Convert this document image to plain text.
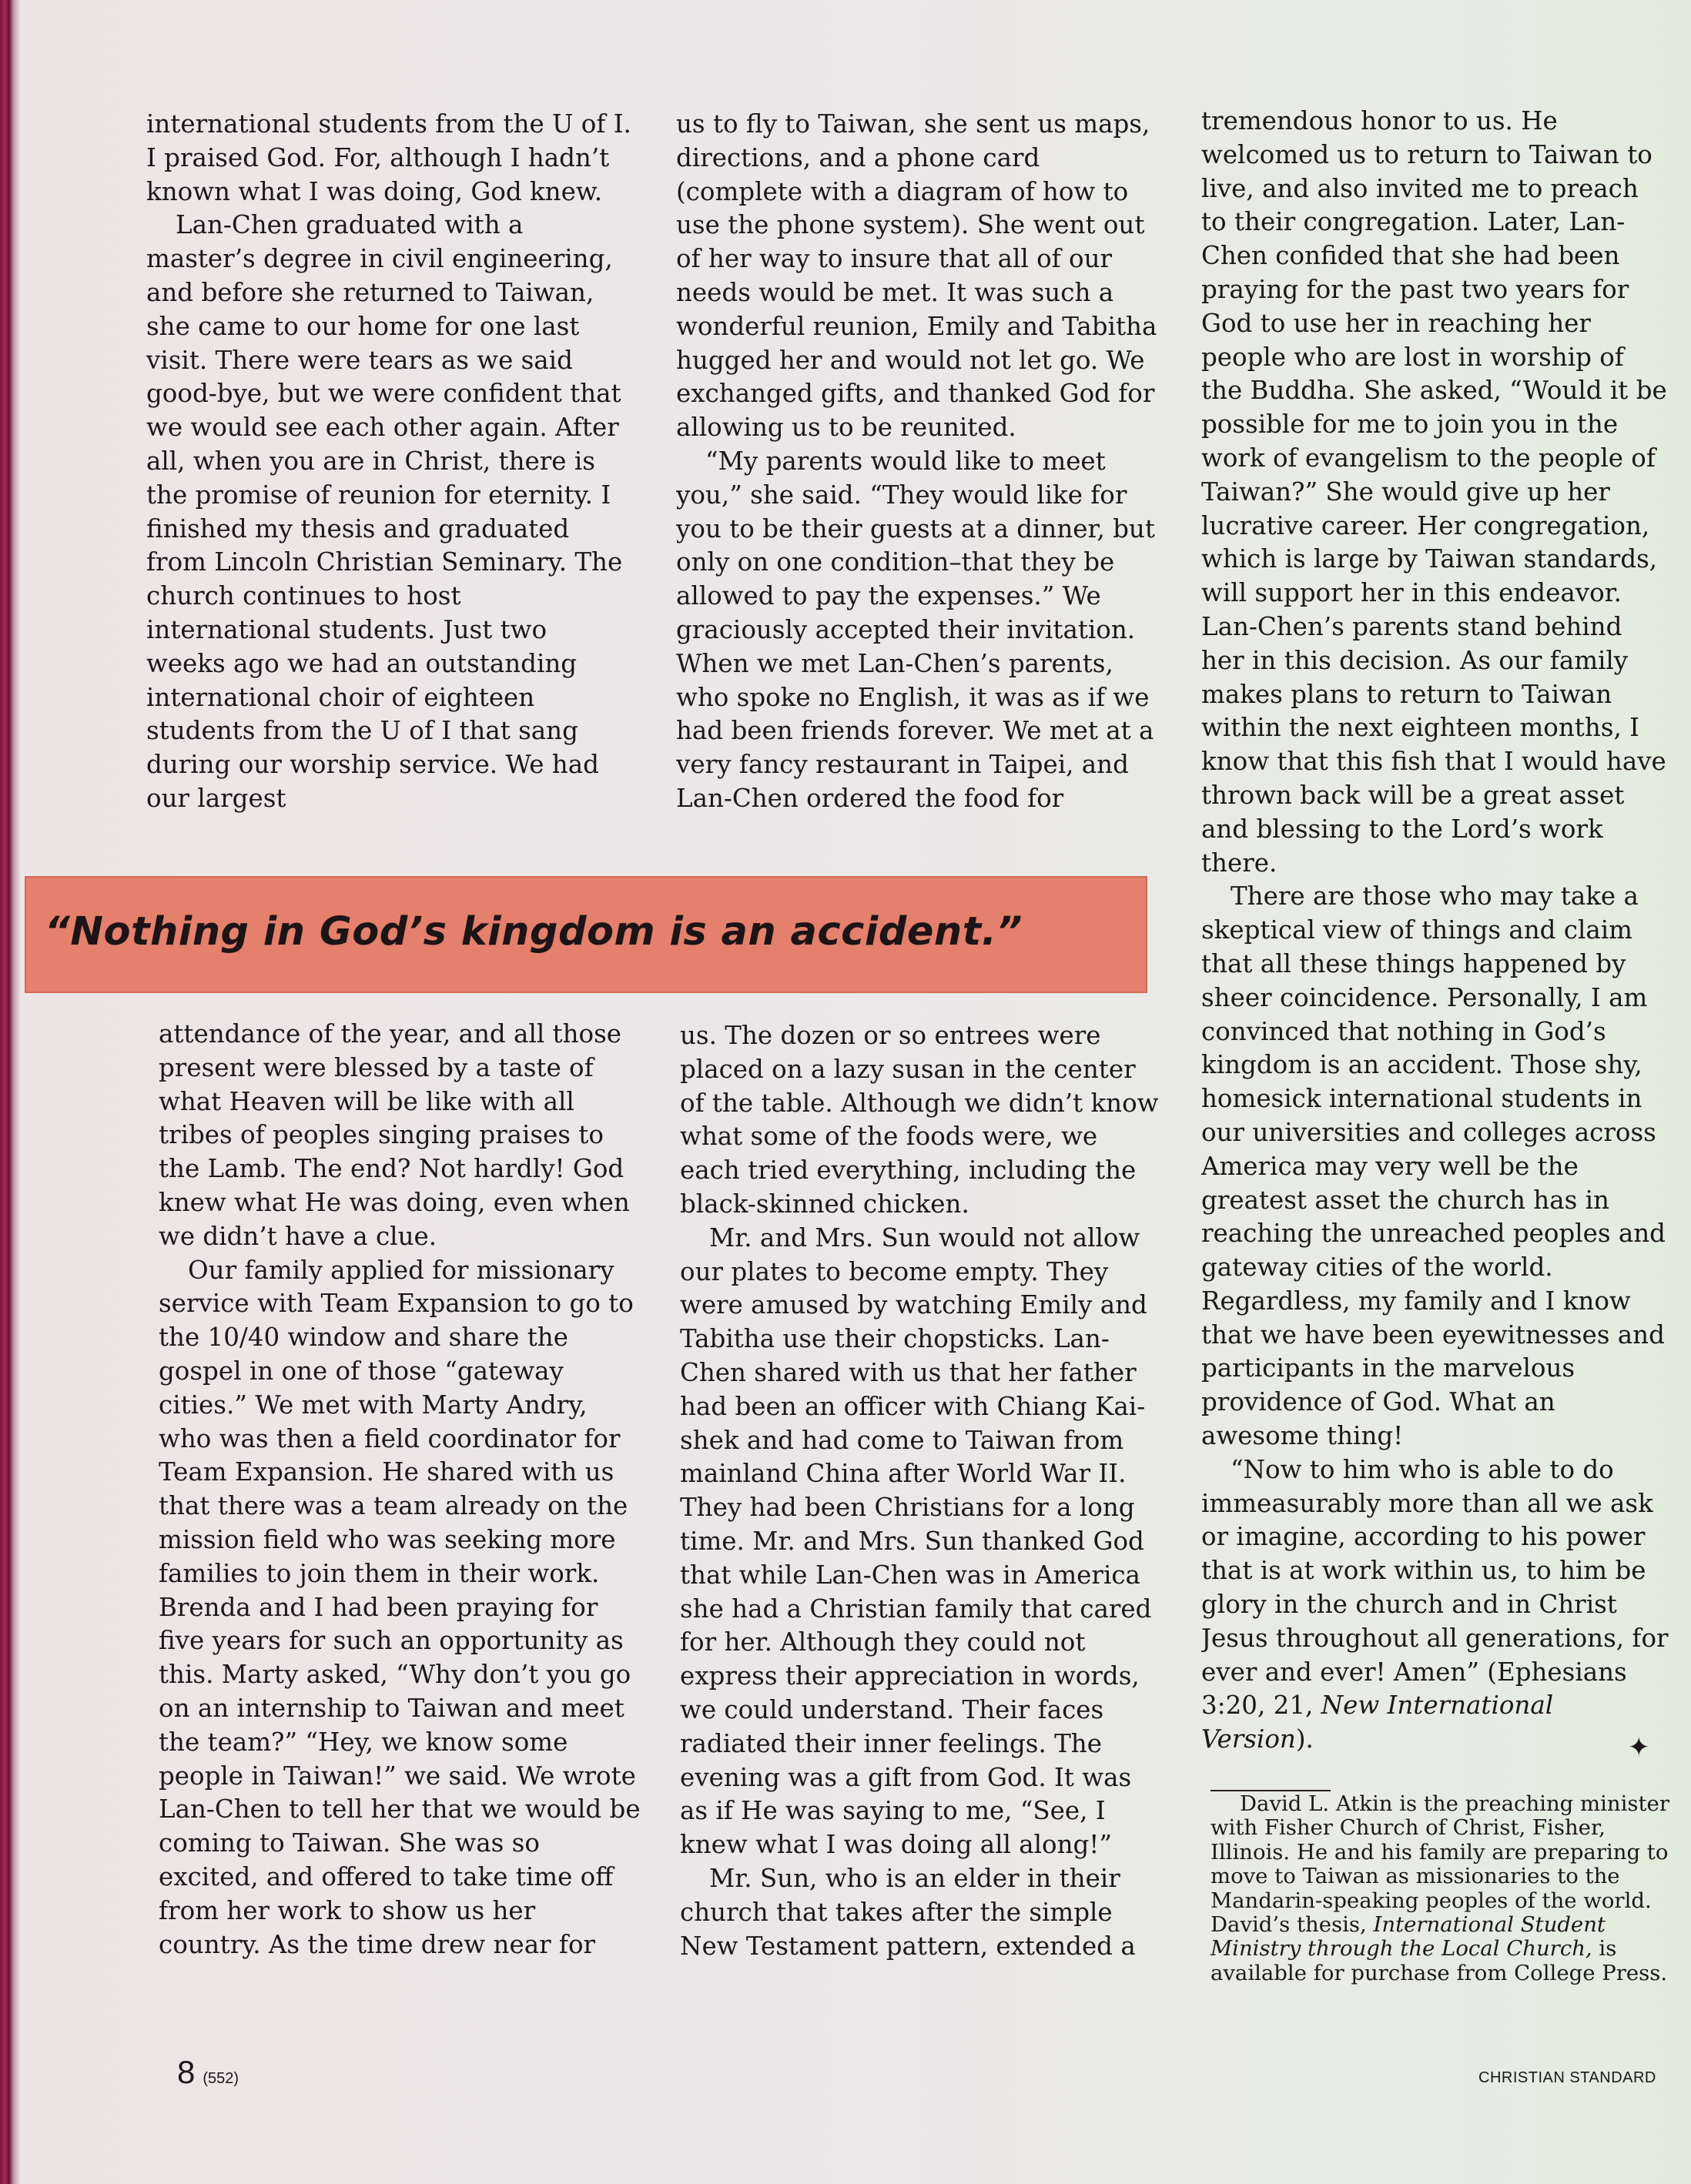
international students from the U of I. I praised God. For, although I hadn’t known what I was doing, God knew.

Lan-Chen graduated with a master’s degree in civil engineering, and before she returned to Taiwan, she came to our home for one last visit. There were tears as we said good-bye, but we were confident that we would see each other again. After all, when you are in Christ, there is the promise of reunion for eternity. I finished my thesis and graduated from Lincoln Christian Seminary. The church continues to host international students. Just two weeks ago we had an outstanding international choir of eighteen students from the U of I that sang during our worship service. We had our largest

us to fly to Taiwan, she sent us maps, directions, and a phone card (complete with a diagram of how to use the phone system). She went out of her way to insure that all of our needs would be met. It was such a wonderful reunion, Emily and Tabitha hugged her and would not let go. We exchanged gifts, and thanked God for allowing us to be reunited.

“My parents would like to meet you,” she said. “They would like for you to be their guests at a dinner, but only on one condition–that they be allowed to pay the expenses.” We graciously accepted their invitation. When we met Lan-Chen’s parents, who spoke no English, it was as if we had been friends forever. We met at a very fancy restaurant in Taipei, and Lan-Chen ordered the food for

“Nothing in God’s kingdom is an accident.”

attendance of the year, and all those present were blessed by a taste of what Heaven will be like with all tribes of peoples singing praises to the Lamb. The end? Not hardly! God knew what He was doing, even when we didn’t have a clue.

Our family applied for missionary service with Team Expansion to go to the 10/40 window and share the gospel in one of those “gateway cities.” We met with Marty Andry, who was then a field coordinator for Team Expansion. He shared with us that there was a team already on the mission field who was seeking more families to join them in their work. Brenda and I had been praying for five years for such an opportunity as this. Marty asked, “Why don’t you go on an internship to Taiwan and meet the team?” “Hey, we know some people in Taiwan!” we said. We wrote Lan-Chen to tell her that we would be coming to Taiwan. She was so excited, and offered to take time off from her work to show us her country. As the time drew near for

us. The dozen or so entrees were placed on a lazy susan in the center of the table. Although we didn’t know what some of the foods were, we each tried everything, including the black-skinned chicken.

Mr. and Mrs. Sun would not allow our plates to become empty. They were amused by watching Emily and Tabitha use their chopsticks. Lan-Chen shared with us that her father had been an officer with Chiang Kai-shek and had come to Taiwan from mainland China after World War II. They had been Christians for a long time. Mr. and Mrs. Sun thanked God that while Lan-Chen was in America she had a Christian family that cared for her. Although they could not express their appreciation in words, we could understand. Their faces radiated their inner feelings. The evening was a gift from God. It was as if He was saying to me, “See, I knew what I was doing all along!”

Mr. Sun, who is an elder in their church that takes after the simple New Testament pattern, extended a

tremendous honor to us. He welcomed us to return to Taiwan to live, and also invited me to preach to their congregation. Later, Lan-Chen confided that she had been praying for the past two years for God to use her in reaching her people who are lost in worship of the Buddha. She asked, “Would it be possible for me to join you in the work of evangelism to the people of Taiwan?” She would give up her lucrative career. Her congregation, which is large by Taiwan standards, will support her in this endeavor. Lan-Chen’s parents stand behind her in this decision. As our family makes plans to return to Taiwan within the next eighteen months, I know that this fish that I would have thrown back will be a great asset and blessing to the Lord’s work there.

There are those who may take a skeptical view of things and claim that all these things happened by sheer coincidence. Personally, I am convinced that nothing in God’s kingdom is an accident. Those shy, homesick international students in our universities and colleges across America may very well be the greatest asset the church has in reaching the unreached peoples and gateway cities of the world. Regardless, my family and I know that we have been eyewitnesses and participants in the marvelous providence of God. What an awesome thing!

“Now to him who is able to do immeasurably more than all we ask or imagine, according to his power that is at work within us, to him be glory in the church and in Christ Jesus throughout all generations, for ever and ever! Amen” (Ephesians 3:20, 21, New International Version).	✦

David L. Atkin is the preaching minister with Fisher Church of Christ, Fisher, Illinois. He and his family are preparing to move to Taiwan as missionaries to the Mandarin-speaking peoples of the world. David’s thesis, International Student Ministry through the Local Church, is available for purchase from College Press.

8 (552)	CHRISTIAN STANDARD
